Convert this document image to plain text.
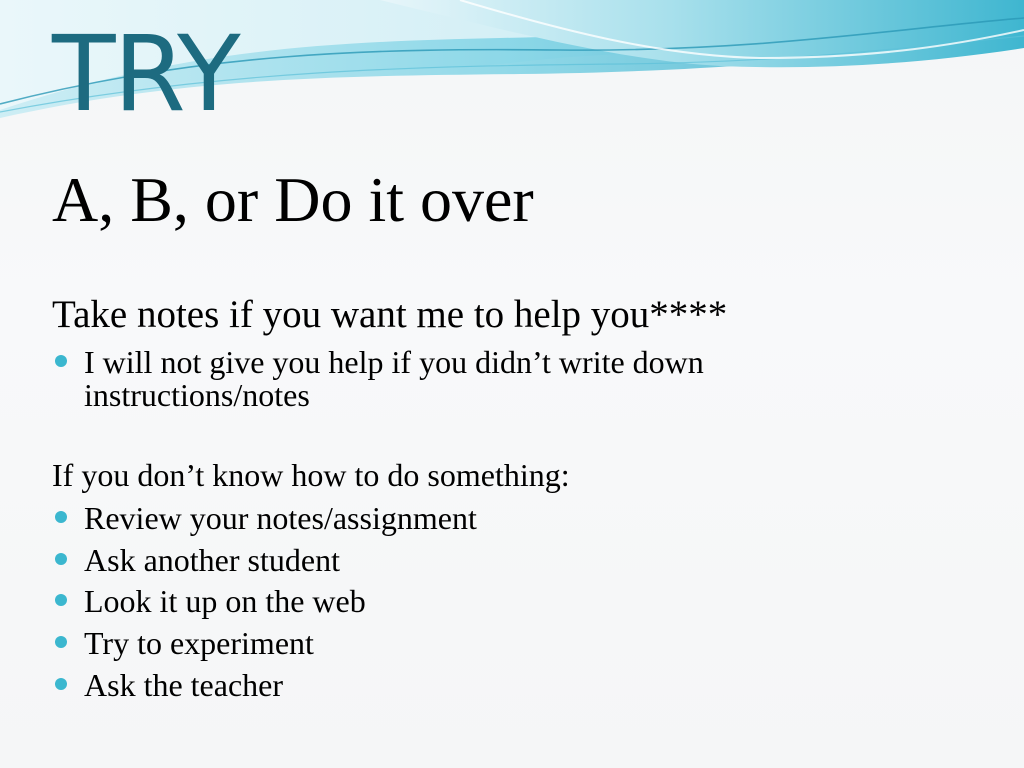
TRY
A, B, or Do it over

Take notes if you want me to help you****

I will not give you help if you didn’t write down instructions/notes

If you don’t know how to do something:

Review your notes/assignment
Ask another student
Look it up on the web
Try to experiment
Ask the teacher
